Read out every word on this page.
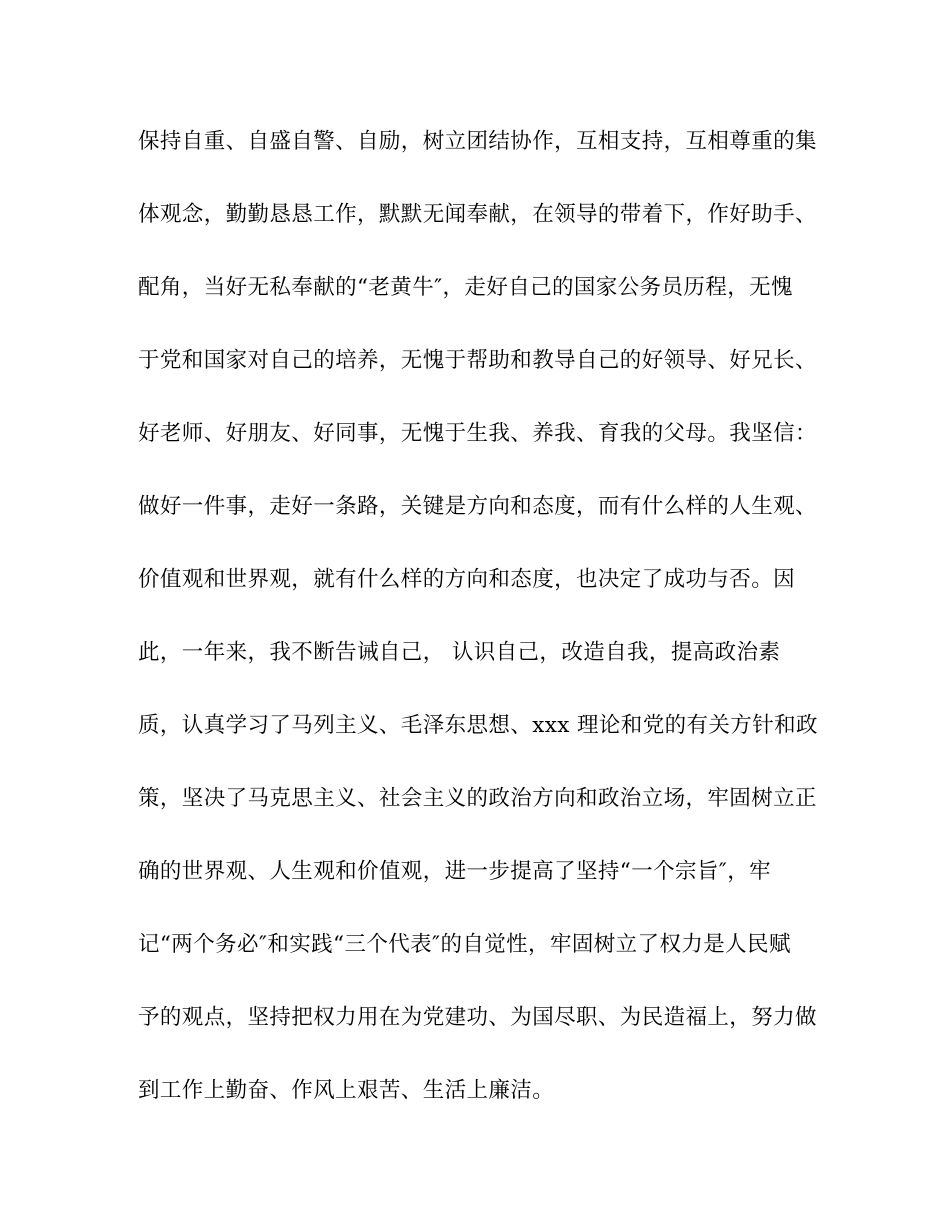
保持自重、自盛自警、自励，树立团结协作，互相支持，互相尊重的集
体观念，勤勤恳恳工作，默默无闻奉献，在领导的带着下，作好助手、
配角，当好无私奉献的“老黄牛″，走好自己的国家公务员历程，无愧
于党和国家对自己的培养，无愧于帮助和教导自己的好领导、好兄长、
好老师、好朋友、好同事，无愧于生我、养我、育我的父母。我坚信：
做好一件事，走好一条路，关键是方向和态度，而有什么样的人生观、
价值观和世界观，就有什么样的方向和态度，也决定了成功与否。因
此，一年来，我不断告诫自己， 认识自己，改造自我，提高政治素
质，认真学习了马列主义、毛泽东思想、xxx 理论和党的有关方针和政
策，坚决了马克思主义、社会主义的政治方向和政治立场，牢固树立正
确的世界观、人生观和价值观，进一步提高了坚持“一个宗旨″，牢
记“两个务必″和实践“三个代表″的自觉性，牢固树立了权力是人民赋
予的观点，坚持把权力用在为党建功、为国尽职、为民造福上，努力做
到工作上勤奋、作风上艰苦、生活上廉洁。
